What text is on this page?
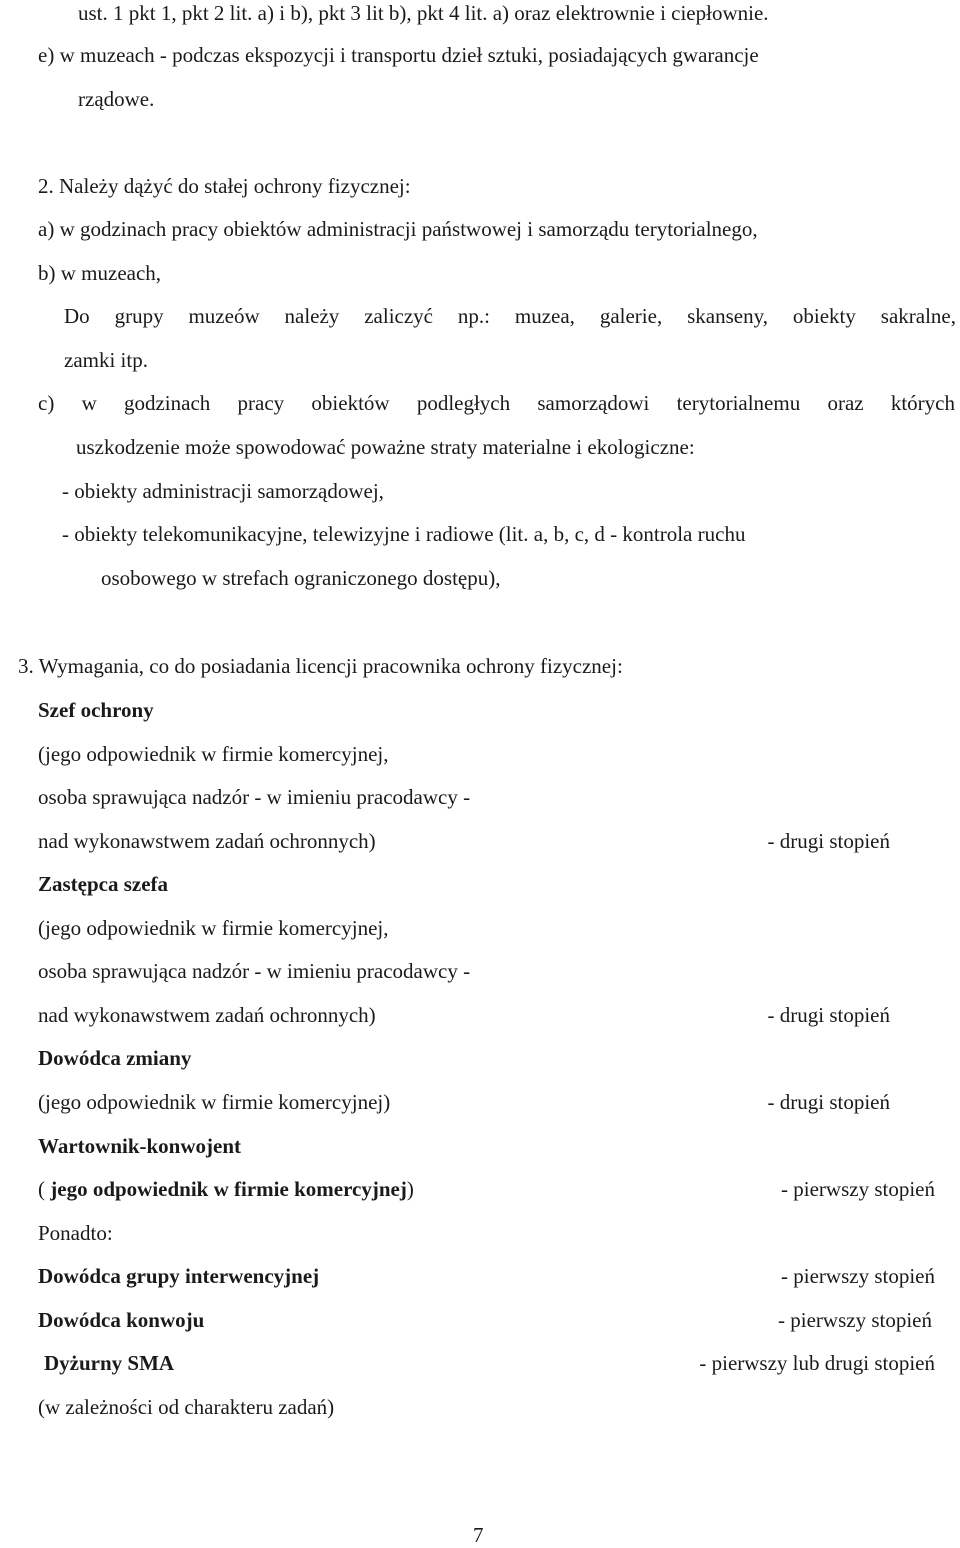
ust. 1 pkt 1, pkt 2 lit. a) i b), pkt 3 lit b), pkt 4 lit. a) oraz elektrownie i ciepłownie.
e) w muzeach - podczas ekspozycji i transportu dzieł sztuki, posiadających gwarancje
rządowe.
2. Należy dążyć do stałej ochrony fizycznej:
a) w godzinach pracy obiektów administracji państwowej i samorządu terytorialnego,
b) w muzeach,
Do grupy muzeów należy zaliczyć np.: muzea, galerie, skanseny, obiekty sakralne,
zamki itp.
c) w godzinach pracy obiektów podległych samorządowi terytorialnemu oraz których
uszkodzenie może spowodować poważne straty materialne i ekologiczne:
- obiekty administracji samorządowej,
- obiekty telekomunikacyjne, telewizyjne i radiowe (lit. a, b, c, d - kontrola ruchu
osobowego w strefach ograniczonego dostępu),
3. Wymagania, co do posiadania licencji pracownika ochrony fizycznej:
Szef ochrony
(jego odpowiednik w firmie komercyjnej,
osoba sprawująca nadzór - w imieniu pracodawcy -
nad wykonawstwem zadań ochronnych)	- drugi stopień
Zastępca szefa
(jego odpowiednik w firmie komercyjnej,
osoba sprawująca nadzór - w imieniu pracodawcy -
nad wykonawstwem zadań ochronnych)	- drugi stopień
Dowódca zmiany
(jego odpowiednik w firmie komercyjnej)	- drugi stopień
Wartownik-konwojent
( jego odpowiednik w firmie komercyjnej)	- pierwszy stopień
Ponadto:
Dowódca grupy interwencyjnej	- pierwszy stopień
Dowódca konwoju	- pierwszy stopień
Dyżurny SMA	- pierwszy lub drugi stopień
(w zależności od charakteru zadań)
7
